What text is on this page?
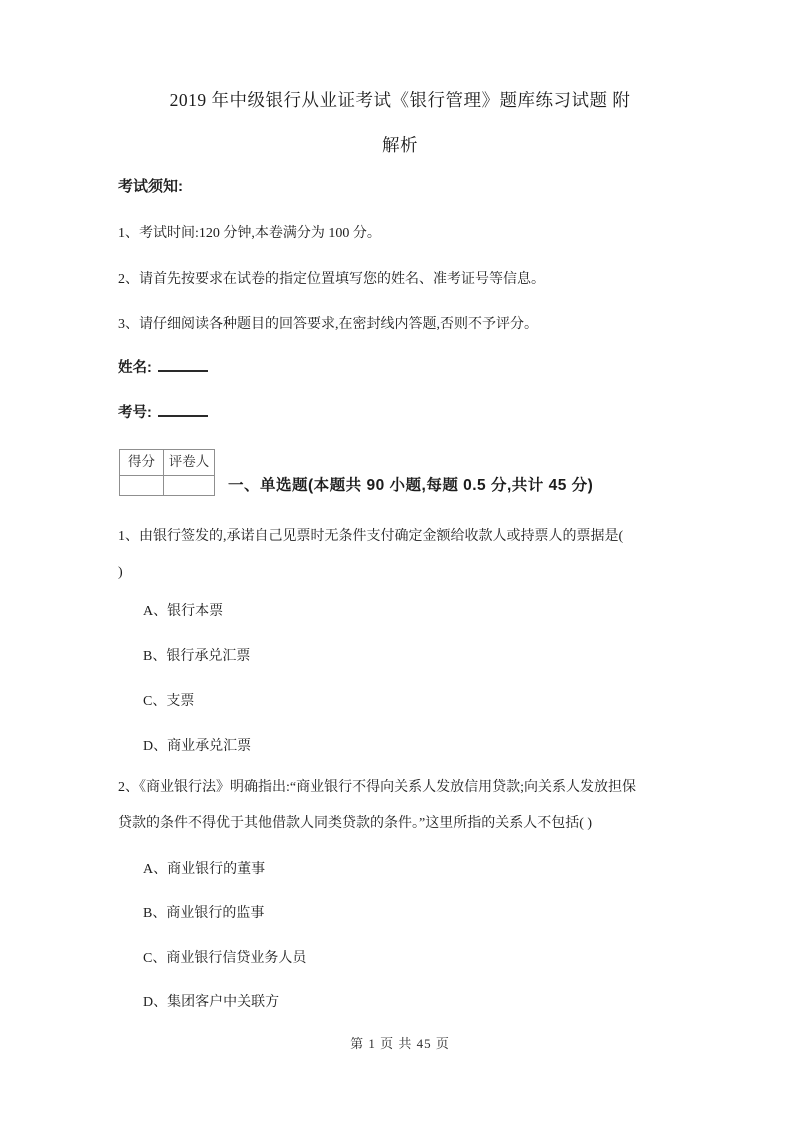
2019 年中级银行从业证考试《银行管理》题库练习试题 附
解析
考试须知:
1、考试时间:120 分钟,本卷满分为 100 分。
2、请首先按要求在试卷的指定位置填写您的姓名、准考证号等信息。
3、请仔细阅读各种题目的回答要求,在密封线内答题,否则不予评分。
姓名:
考号:
得分	评卷人

一、单选题(本题共 90 小题,每题 0.5 分,共计 45 分)
1、由银行签发的,承诺自己见票时无条件支付确定金额给收款人或持票人的票据是(
)
A、银行本票
B、银行承兑汇票
C、支票
D、商业承兑汇票
2、《商业银行法》明确指出:“商业银行不得向关系人发放信用贷款;向关系人发放担保
贷款的条件不得优于其他借款人同类贷款的条件。”这里所指的关系人不包括( )
A、商业银行的董事
B、商业银行的监事
C、商业银行信贷业务人员
D、集团客户中关联方
第 1 页 共 45 页
